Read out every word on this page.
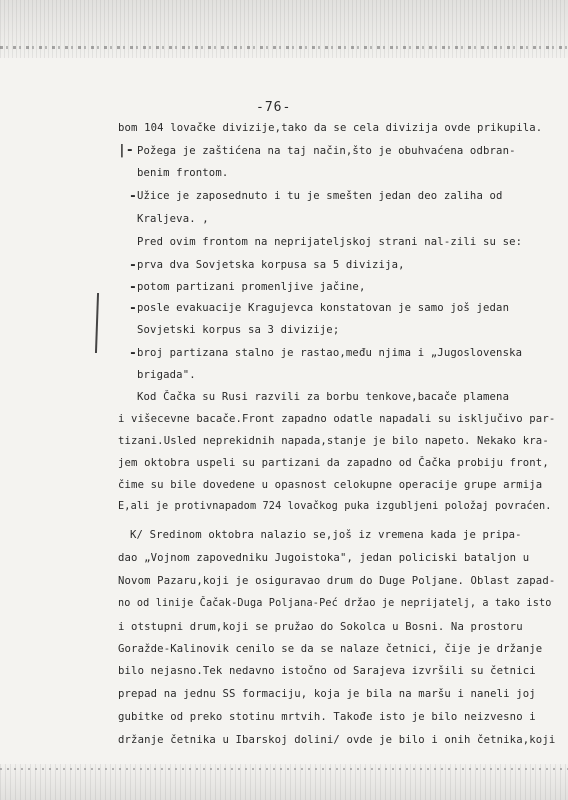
-76-
|-
-
-
-
-
-
bom 104 lovačke divizije,tako da se cela divizija ovde prikupila.
Požega je zaštićena na taj način,što je obuhvaćena odbran-
benim frontom.
Užice je zaposednuto i tu je smešten jedan deo zaliha od
Kraljeva. ,
Pred ovim frontom na neprijateljskoj strani nal-zili su se:
prva dva Sovjetska korpusa sa 5 divizija,
potom partizani promenljive jačine,
posle evakuacije Kragujevca konstatovan je samo još jedan
Sovjetski korpus sa 3 divizije;
broj partizana stalno je rastao,među njima i „Jugoslovenska
brigada".
Kod Čačka su Rusi razvili za borbu tenkove,bacače plamena
i višecevne bacače.Front zapadno odatle napadali su isključivo par-
tizani.Usled neprekidnih napada,stanje je bilo napeto. Nekako kra-
jem oktobra uspeli su partizani da zapadno od Čačka probiju front,
čime su bile dovedene u opasnost celokupne operacije grupe armija
E,ali je protivnapadom 724 lovačkog puka izgubljeni položaj povraćen.
K/ Sredinom oktobra nalazio se,još iz vremena kada je pripa-
dao „Vojnom zapovedniku Jugoistoka", jedan policiski bataljon u
Novom Pazaru,koji je osiguravao drum do Duge Poljane. Oblast zapad-
no od linije Čačak-Duga Poljana-Peć držao je neprijatelj, a tako isto
i otstupni drum,koji se pružao do Sokolca u Bosni. Na prostoru
Goražde-Kalinovik cenilo se da se nalaze četnici, čije je držanje
bilo nejasno.Tek nedavno istočno od Sarajeva izvršili su četnici
prepad na jednu SS formaciju, koja je bila na maršu i naneli joj
gubitke od preko stotinu mrtvih. Takođe isto je bilo neizvesno i
držanje četnika u Ibarskoj dolini/ ovde je bilo i onih četnika,koji
